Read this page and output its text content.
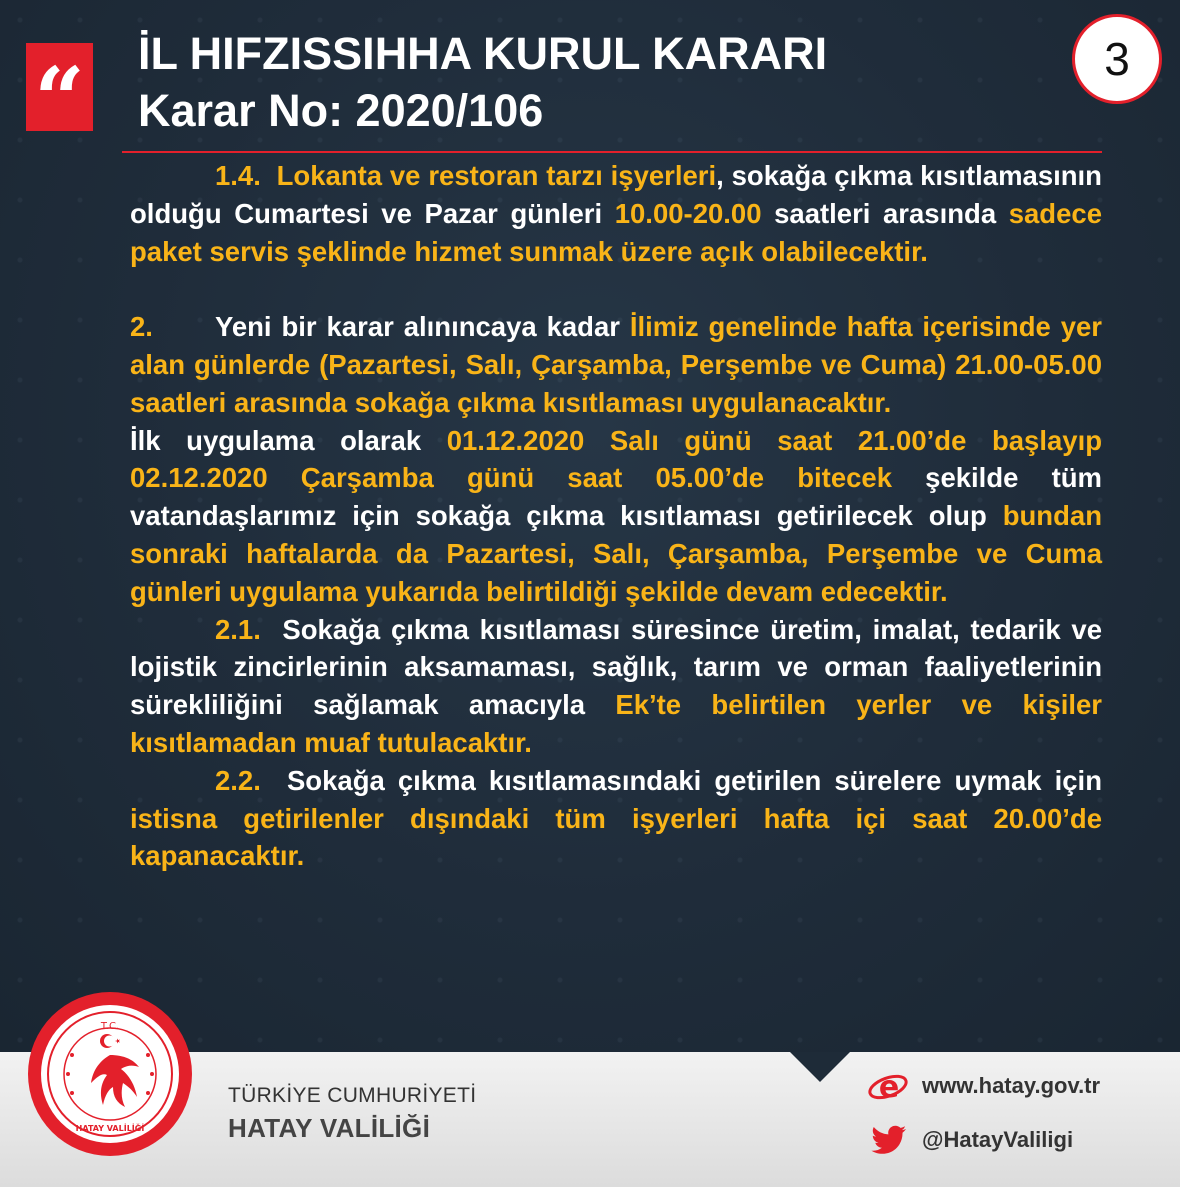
“ İL HIFZISSIHHA KURUL KARARI
Karar No: 2020/106
3

1.4. Lokanta ve restoran tarzı işyerleri, sokağa çıkma kısıtlamasının olduğu Cumartesi ve Pazar günleri 10.00-20.00 saatleri arasında sadece paket servis şeklinde hizmet sunmak üzere açık olabilecektir.

2. Yeni bir karar alınıncaya kadar İlimiz genelinde hafta içerisinde yer alan günlerde (Pazartesi, Salı, Çarşamba, Perşembe ve Cuma) 21.00-05.00 saatleri arasında sokağa çıkma kısıtlaması uygulanacaktır.

İlk uygulama olarak 01.12.2020 Salı günü saat 21.00’de başlayıp 02.12.2020 Çarşamba günü saat 05.00’de bitecek şekilde tüm vatandaşlarımız için sokağa çıkma kısıtlaması getirilecek olup bundan sonraki haftalarda da Pazartesi, Salı, Çarşamba, Perşembe ve Cuma günleri uygulama yukarıda belirtildiği şekilde devam edecektir.

2.1. Sokağa çıkma kısıtlaması süresince üretim, imalat, tedarik ve lojistik zincirlerinin aksamaması, sağlık, tarım ve orman faaliyetlerinin sürekliliğini sağlamak amacıyla Ek’te belirtilen yerler ve kişiler kısıtlamadan muaf tutulacaktır.

2.2. Sokağa çıkma kısıtlamasındaki getirilen sürelere uymak için istisna getirilenler dışındaki tüm işyerleri hafta içi saat 20.00’de kapanacaktır.

T.C.
HATAY VALİLİĞİ
TÜRKİYE CUMHURİYETİ
HATAY VALİLİĞİ
e www.hatay.gov.tr
@HatayValiligi
